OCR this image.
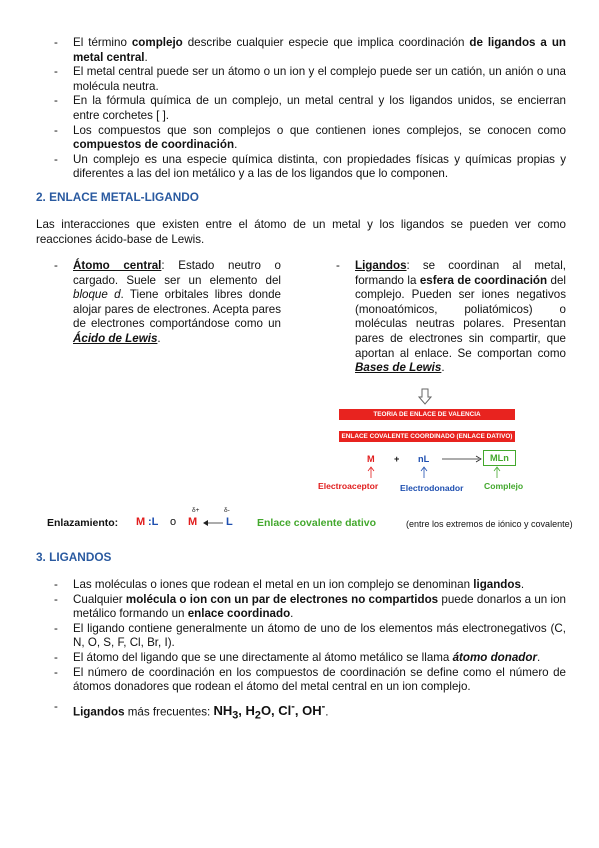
- El término complejo describe cualquier especie que implica coordinación de ligandos a un metal central.
- El metal central puede ser un átomo o un ion y el complejo puede ser un catión, un anión o una molécula neutra.
- En la fórmula química de un complejo, un metal central y los ligandos unidos, se encierran entre corchetes [ ].
- Los compuestos que son complejos o que contienen iones complejos, se conocen como compuestos de coordinación.
- Un complejo es una especie química distinta, con propiedades físicas y químicas propias y diferentes a las del ion metálico y a las de los ligandos que lo componen.
2. ENLACE METAL-LIGANDO
Las interacciones que existen entre el átomo de un metal y los ligandos se pueden ver como reacciones ácido-base de Lewis.
- Átomo central: Estado neutro o cargado. Suele ser un elemento del bloque d. Tiene orbitales libres donde alojar pares de electrones. Acepta pares de electrones comportándose como un Ácido de Lewis.
- Ligandos: se coordinan al metal, formando la esfera de coordinación del complejo. Pueden ser iones negativos (monoatómicos, poliatómicos) o moléculas neutras polares. Presentan pares de electrones sin compartir, que aportan al enlace. Se comportan como Bases de Lewis.
TEORIA DE ENLACE DE VALENCIA
ENLACE COVALENTE COORDINADO (ENLACE DATIVO)
M + nL → MLn
Electroaceptor	Electrodonador Complejo
Enlazamiento: M :L o
δ+	δ-
M	L Enlace covalente dativo	(entre los extremos de iónico y covalente)
3. LIGANDOS
- Las moléculas o iones que rodean el metal en un ion complejo se denominan ligandos.
- Cualquier molécula o ion con un par de electrones no compartidos puede donarlos a un ion metálico formando un enlace coordinado.
- El ligando contiene generalmente un átomo de uno de los elementos más electronegativos (C, N, O, S, F, Cl, Br, I).
- El átomo del ligando que se une directamente al átomo metálico se llama átomo donador.
- El número de coordinación en los compuestos de coordinación se define como el número de átomos donadores que rodean el átomo del metal central en un ion complejo.
- Ligandos más frecuentes: $NH_3$, $H_2O$, Cl-, OH-.
